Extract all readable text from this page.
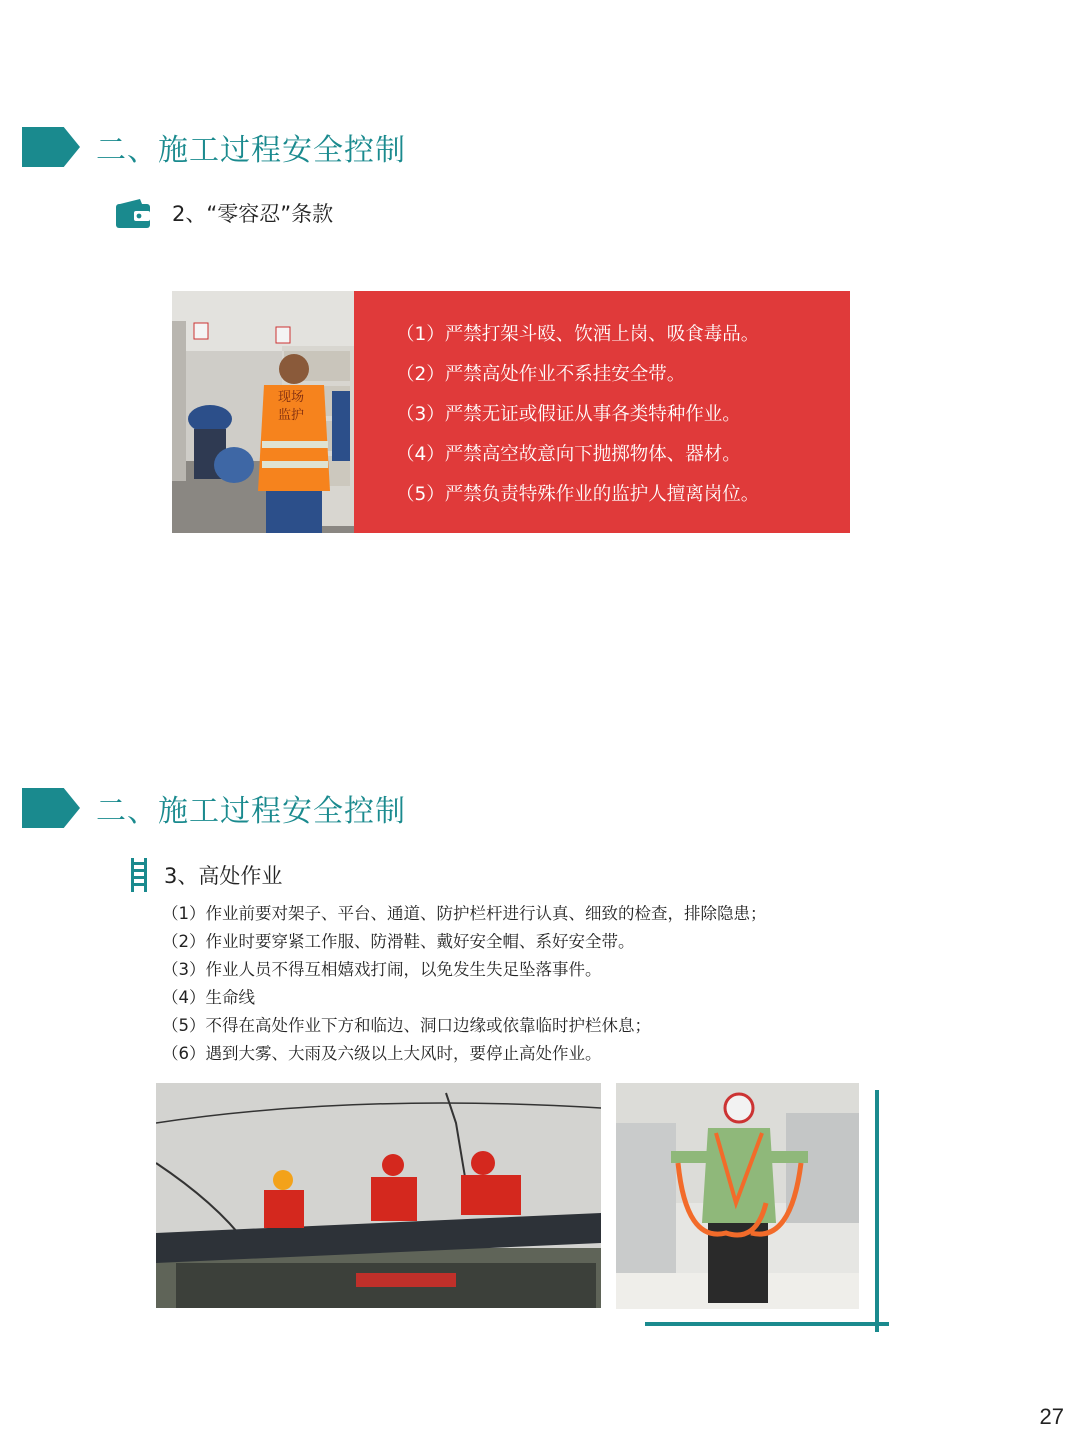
二、施工过程安全控制
2、“零容忍”条款
现场
监护
（1）严禁打架斗殴、饮酒上岗、吸食毒品。
（2）严禁高处作业不系挂安全带。
（3）严禁无证或假证从事各类特种作业。
（4）严禁高空故意向下抛掷物体、器材。
（5）严禁负责特殊作业的监护人擅离岗位。
二、施工过程安全控制
3、高处作业
（1）作业前要对架子、平台、通道、防护栏杆进行认真、细致的检查，排除隐患；
（2）作业时要穿紧工作服、防滑鞋、戴好安全帽、系好安全带。
（3）作业人员不得互相嬉戏打闹，以免发生失足坠落事件。
（4）生命线
（5）不得在高处作业下方和临边、洞口边缘或依靠临时护栏休息；
（6）遇到大雾、大雨及六级以上大风时，要停止高处作业。
27
